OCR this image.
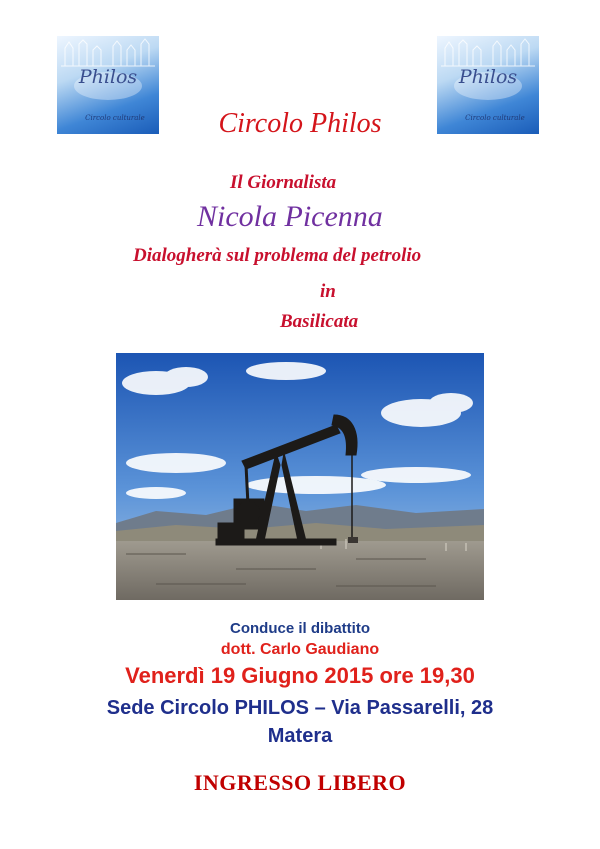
Philos
Circolo culturale
Philos
Circolo culturale
Circolo Philos
Il Giornalista
Nicola Picenna
Dialogherà sul problema del petrolio
in
Basilicata
Conduce il dibattito
dott. Carlo Gaudiano
Venerdì 19 Giugno 2015 ore 19,30
Sede Circolo PHILOS – Via Passarelli, 28
Matera
INGRESSO LIBERO
